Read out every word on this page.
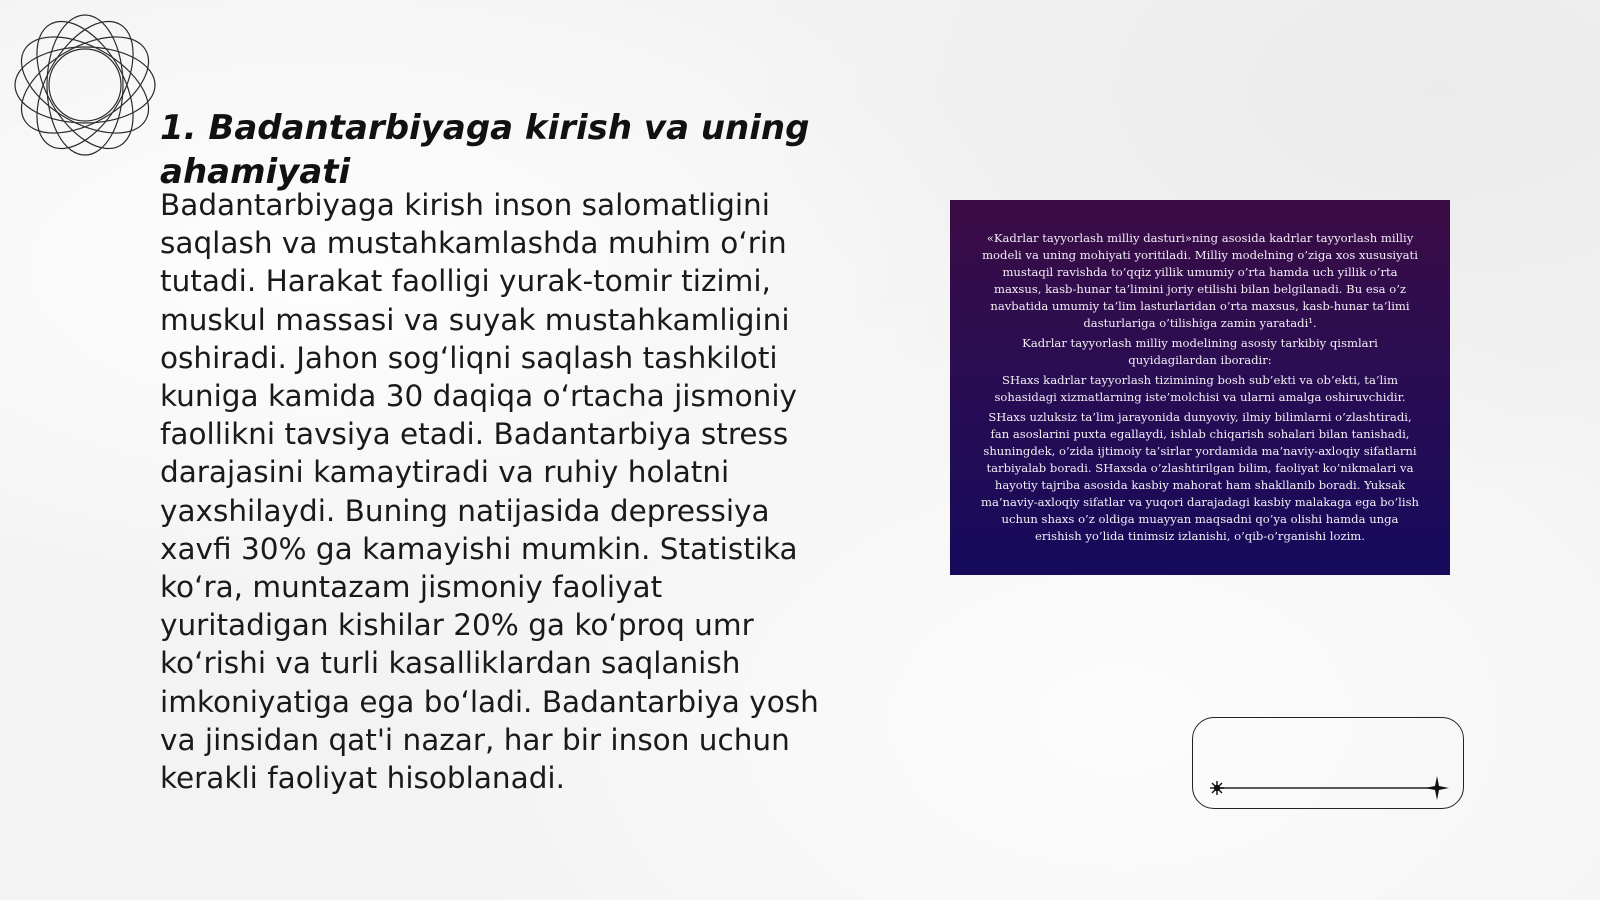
1. Badantarbiyaga kirish va uning ahamiyati

Badantarbiyaga kirish inson salomatligini saqlash va mustahkamlashda muhim o‘rin tutadi. Harakat faolligi yurak-tomir tizimi, muskul massasi va suyak mustahkamligini oshiradi. Jahon sog‘liqni saqlash tashkiloti kuniga kamida 30 daqiqa o‘rtacha jismoniy faollikni tavsiya etadi. Badantarbiya stress darajasini kamaytiradi va ruhiy holatni yaxshilaydi. Buning natijasida depressiya xavfi 30% ga kamayishi mumkin. Statistika ko‘ra, muntazam jismoniy faoliyat yuritadigan kishilar 20% ga ko‘proq umr ko‘rishi va turli kasalliklardan saqlanish imkoniyatiga ega bo‘ladi. Badantarbiya yosh va jinsidan qat'i nazar, har bir inson uchun kerakli faoliyat hisoblanadi.

«Kadrlar tayyorlash milliy dasturi»ning asosida kadrlar tayyorlash milliy modeli va uning mohiyati yoritiladi. Milliy modelning o’ziga xos xususiyati mustaqil ravishda to’qqiz yillik umumiy o’rta hamda uch yillik o’rta maxsus, kasb-hunar ta’limini joriy etilishi bilan belgilanadi. Bu esa o’z navbatida umumiy ta’lim lasturlaridan o’rta maxsus, kasb-hunar ta’limi dasturlariga o’tilishiga zamin yaratadi¹.

Kadrlar tayyorlash milliy modelining asosiy tarkibiy qismlari quyidagilardan iboradir:

SHaxs kadrlar tayyorlash tizimining bosh sub’ekti va ob’ekti, ta’lim sohasidagi xizmatlarning iste’molchisi va ularni amalga oshiruvchidir.

SHaxs uzluksiz ta’lim jarayonida dunyoviy, ilmiy bilimlarni o’zlashtiradi, fan asoslarini puxta egallaydi, ishlab chiqarish sohalari bilan tanishadi, shuningdek, o’zida ijtimoiy ta’sirlar yordamida ma’naviy-axloqiy sifatlarni tarbiyalab boradi. SHaxsda o’zlashtirilgan bilim, faoliyat ko’nikmalari va hayotiy tajriba asosida kasbiy mahorat ham shakllanib boradi. Yuksak ma’naviy-axloqiy sifatlar va yuqori darajadagi kasbiy malakaga ega bo’lish uchun shaxs o’z oldiga muayyan maqsadni qo’ya olishi hamda unga erishish yo’lida tinimsiz izlanishi, o’qib-o’rganishi lozim.
